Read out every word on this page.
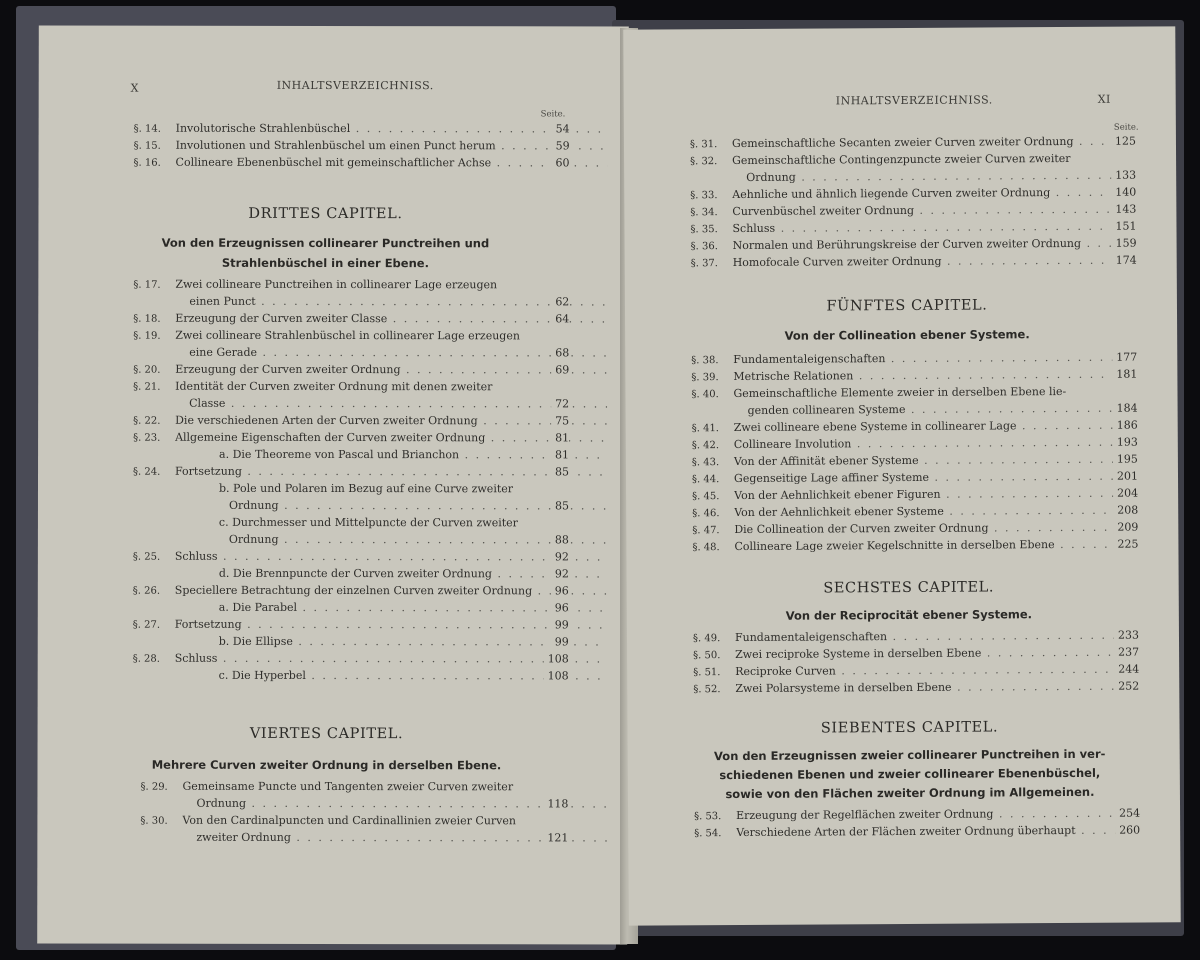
X	INHALTSVERZEICHNISS.
Seite.
§. 14. Involutorische Strahlenbüschel . . .	54
§. 15. Involutionen und Strahlenbüschel um einen Punct herum . . .	59
§. 16. Collineare Ebenenbüschel mit gemeinschaftlicher Achse . . .	60
DRITTES CAPITEL.
Von den Erzeugnissen collinearer Punctreihen und
Strahlenbüschel in einer Ebene.
§. 17. Zwei collineare Punctreihen in collinearer Lage erzeugen
einen Punct . . .	62
§. 18. Erzeugung der Curven zweiter Classe . . .	64
§. 19. Zwei collineare Strahlenbüschel in collinearer Lage erzeugen
eine Gerade . . .	68
§. 20. Erzeugung der Curven zweiter Ordnung . . .	69
§. 21. Identität der Curven zweiter Ordnung mit denen zweiter
Classe . . .	72
§. 22. Die verschiedenen Arten der Curven zweiter Ordnung . . .	75
§. 23. Allgemeine Eigenschaften der Curven zweiter Ordnung . . .	81
a. Die Theoreme von Pascal und Brianchon . . .	81
§. 24. Fortsetzung . . .	85
b. Pole und Polaren im Bezug auf eine Curve zweiter
Ordnung . . .	85
c. Durchmesser und Mittelpuncte der Curven zweiter
Ordnung . . .	88
§. 25. Schluss . . .	92
d. Die Brennpuncte der Curven zweiter Ordnung . . .	92
§. 26. Speciellere Betrachtung der einzelnen Curven zweiter Ordnung . . .	96
a. Die Parabel . . .	96
§. 27. Fortsetzung . . .	99
b. Die Ellipse . . .	99
§. 28. Schluss . . .	108
c. Die Hyperbel . . .	108
VIERTES CAPITEL.
Mehrere Curven zweiter Ordnung in derselben Ebene.
§. 29. Gemeinsame Puncte und Tangenten zweier Curven zweiter
Ordnung . . .	118
§. 30. Von den Cardinalpuncten und Cardinallinien zweier Curven
zweiter Ordnung . . .	121
INHALTSVERZEICHNISS.	XI
Seite.
§. 31. Gemeinschaftliche Secanten zweier Curven zweiter Ordnung . . .	125
§. 32. Gemeinschaftliche Contingenzpuncte zweier Curven zweiter
Ordnung . . .	133
§. 33. Aehnliche und ähnlich liegende Curven zweiter Ordnung . . .	140
§. 34. Curvenbüschel zweiter Ordnung . . .	143
§. 35. Schluss . . .	151
§. 36. Normalen und Berührungskreise der Curven zweiter Ordnung . . .	159
§. 37. Homofocale Curven zweiter Ordnung . . .	174
FÜNFTES CAPITEL.
Von der Collineation ebener Systeme.
§. 38. Fundamentaleigenschaften . . .	177
§. 39. Metrische Relationen . . .	181
§. 40. Gemeinschaftliche Elemente zweier in derselben Ebene lie-
genden collinearen Systeme . . .	184
§. 41. Zwei collineare ebene Systeme in collinearer Lage . . .	186
§. 42. Collineare Involution . . .	193
§. 43. Von der Affinität ebener Systeme . . .	195
§. 44. Gegenseitige Lage affiner Systeme . . .	201
§. 45. Von der Aehnlichkeit ebener Figuren . . .	204
§. 46. Von der Aehnlichkeit ebener Systeme . . .	208
§. 47. Die Collineation der Curven zweiter Ordnung . . .	209
§. 48. Collineare Lage zweier Kegelschnitte in derselben Ebene . . .	225
SECHSTES CAPITEL.
Von der Reciprocität ebener Systeme.
§. 49. Fundamentaleigenschaften . . .	233
§. 50. Zwei reciproke Systeme in derselben Ebene . . .	237
§. 51. Reciproke Curven . . .	244
§. 52. Zwei Polarsysteme in derselben Ebene . . .	252
SIEBENTES CAPITEL.
Von den Erzeugnissen zweier collinearer Punctreihen in ver-
schiedenen Ebenen und zweier collinearer Ebenenbüschel,
sowie von den Flächen zweiter Ordnung im Allgemeinen.
§. 53. Erzeugung der Regelflächen zweiter Ordnung . . .	254
§. 54. Verschiedene Arten der Flächen zweiter Ordnung überhaupt . . .	260
